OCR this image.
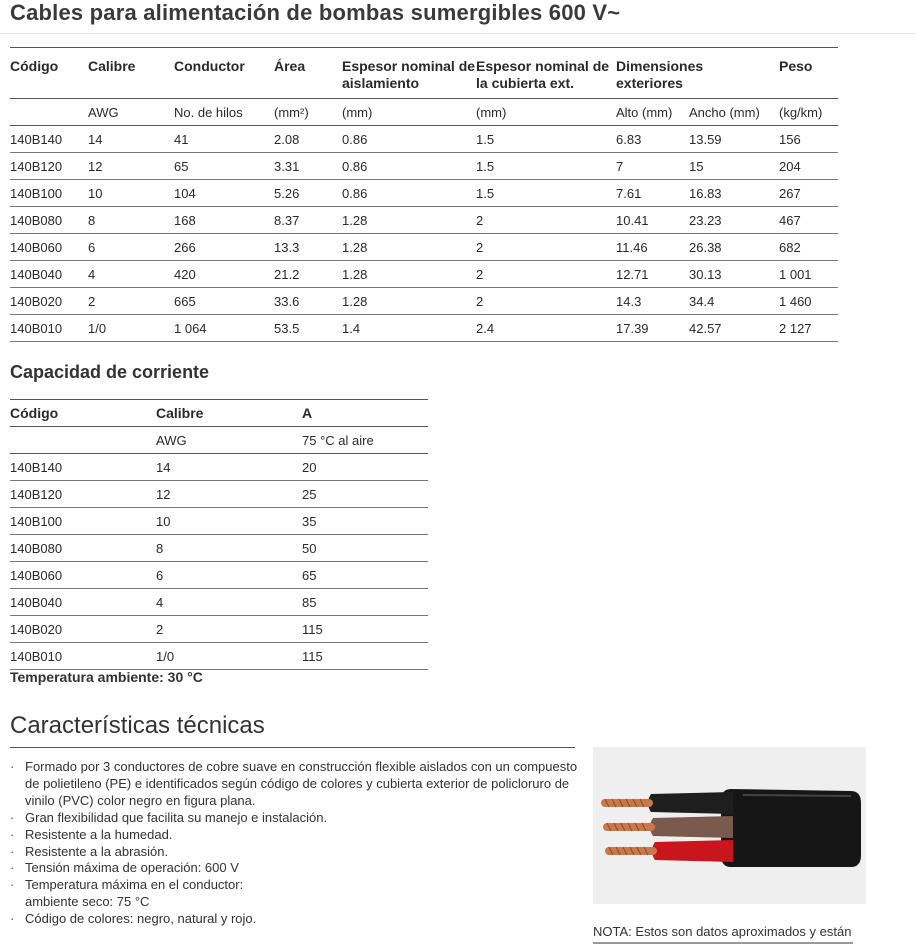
Cables para alimentación de bombas sumergibles 600 V~
Código	Calibre	Conductor	Área	Espesor nominal de aislamiento	Espesor nominal de la cubierta ext.	Dimensiones exteriores		Peso
	AWG	No. de hilos	(mm²)	(mm)	(mm)	Alto (mm)	Ancho (mm)	(kg/km)
140B140	14	41	2.08	0.86	1.5	6.83	13.59	156
140B120	12	65	3.31	0.86	1.5	7	15	204
140B100	10	104	5.26	0.86	1.5	7.61	16.83	267
140B080	8	168	8.37	1.28	2	10.41	23.23	467
140B060	6	266	13.3	1.28	2	11.46	26.38	682
140B040	4	420	21.2	1.28	2	12.71	30.13	1 001
140B020	2	665	33.6	1.28	2	14.3	34.4	1 460
140B010	1/0	1 064	53.5	1.4	2.4	17.39	42.57	2 127
Capacidad de corriente
Código	Calibre	A
	AWG	75 °C al aire
140B140	14	20
140B120	12	25
140B100	10	35
140B080	8	50
140B060	6	65
140B040	4	85
140B020	2	115
140B010	1/0	115
Temperatura ambiente: 30 °C
Características técnicas
· Formado por 3 conductores de cobre suave en construcción flexible aislados con un compuesto de polietileno (PE) e identificados según código de colores y cubierta exterior de policloruro de vinilo (PVC) color negro en figura plana.
· Gran flexibilidad que facilita su manejo e instalación.
· Resistente a la humedad.
· Resistente a la abrasión.
· Tensión máxima de operación: 600 V
· Temperatura máxima en el conductor:
ambiente seco: 75 °C
· Código de colores: negro, natural y rojo.
NOTA: Estos son datos aproximados y están
